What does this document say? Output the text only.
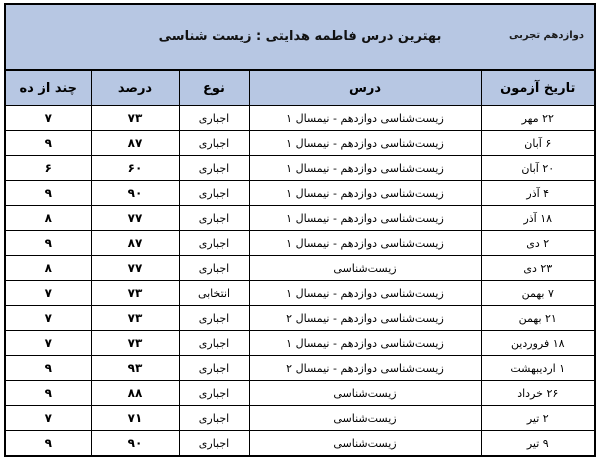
دوازدهم تجربی
بهترین درس فاطمه هدایتی : زیست شناسی
تاریخ آزمون	درس	نوع	درصد	چند از ده
۲۲ مهر	زیست‌شناسی دوازدهم - نیمسال ۱	اجباری	۷۳	۷
۶ آبان	زیست‌شناسی دوازدهم - نیمسال ۱	اجباری	۸۷	۹
۲۰ آبان	زیست‌شناسی دوازدهم - نیمسال ۱	اجباری	۶۰	۶
۴ آذر	زیست‌شناسی دوازدهم - نیمسال ۱	اجباری	۹۰	۹
۱۸ آذر	زیست‌شناسی دوازدهم - نیمسال ۱	اجباری	۷۷	۸
۲ دی	زیست‌شناسی دوازدهم - نیمسال ۱	اجباری	۸۷	۹
۲۳ دی	زیست‌شناسی	اجباری	۷۷	۸
۷ بهمن	زیست‌شناسی دوازدهم - نیمسال ۱	انتخابی	۷۳	۷
۲۱ بهمن	زیست‌شناسی دوازدهم - نیمسال ۲	اجباری	۷۳	۷
۱۸ فروردین	زیست‌شناسی دوازدهم - نیمسال ۱	اجباری	۷۳	۷
۱ اردیبهشت	زیست‌شناسی دوازدهم - نیمسال ۲	اجباری	۹۳	۹
۲۶ خرداد	زیست‌شناسی	اجباری	۸۸	۹
۲ تیر	زیست‌شناسی	اجباری	۷۱	۷
۹ تیر	زیست‌شناسی	اجباری	۹۰	۹
